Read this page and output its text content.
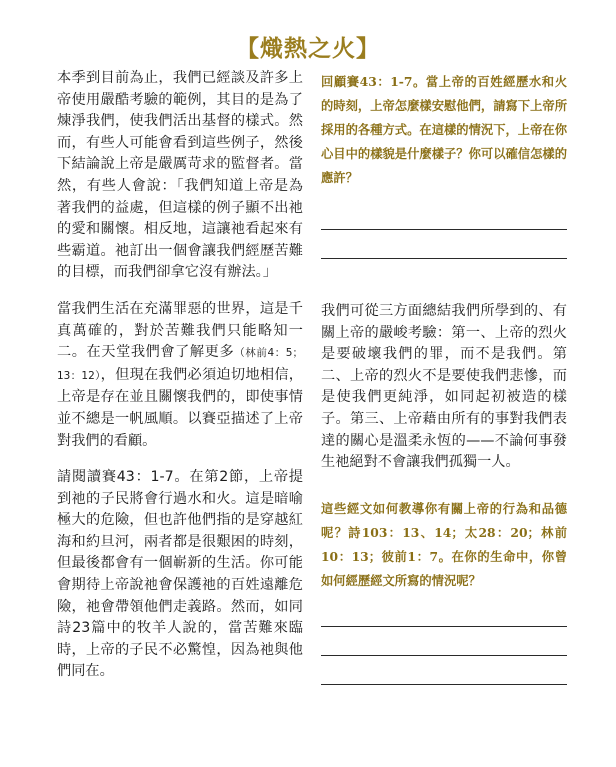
【熾熱之火】

本季到目前為止，我們已經談及許多上帝使用嚴酷考驗的範例，其目的是為了煉淨我們，使我們活出基督的樣式。然而，有些人可能會看到這些例子，然後下結論說上帝是嚴厲苛求的監督者。當然，有些人會說：「我們知道上帝是為著我們的益處，但這樣的例子顯不出祂的愛和關懷。相反地，這讓祂看起來有些霸道。祂訂出一個會讓我們經歷苦難的目標，而我們卻拿它沒有辦法。」

當我們生活在充滿罪惡的世界，這是千真萬確的，對於苦難我們只能略知一二。在天堂我們會了解更多（林前4：5；13：12），但現在我們必須迫切地相信，上帝是存在並且關懷我們的，即使事情並不總是一帆風順。以賽亞描述了上帝對我們的看顧。

請閱讀賽43：1-7。在第2節，上帝提到祂的子民將會行過水和火。這是暗喻極大的危險，但也許他們指的是穿越紅海和約旦河，兩者都是很艱困的時刻，但最後都會有一個嶄新的生活。你可能會期待上帝說祂會保護祂的百姓遠離危險，祂會帶領他們走義路。然而，如同詩23篇中的牧羊人說的，當苦難來臨時，上帝的子民不必驚惶，因為祂與他們同在。

回顧賽43：1-7。當上帝的百姓經歷水和火的時刻，上帝怎麼樣安慰他們，請寫下上帝所採用的各種方式。在這樣的情況下，上帝在你心目中的樣貌是什麼樣子？你可以確信怎樣的應許？
我們可從三方面總結我們所學到的、有關上帝的嚴峻考驗：第一、上帝的烈火是要破壞我們的罪，而不是我們。第二、上帝的烈火不是要使我們悲慘，而是使我們更純淨，如同起初被造的樣子。第三、上帝藉由所有的事對我們表達的關心是溫柔永恆的——不論何事發生祂絕對不會讓我們孤獨一人。
這些經文如何教導你有關上帝的行為和品德呢？詩103：13、14；太28：20；林前10：13；彼前1：7。在你的生命中，你曾如何經歷經文所寫的情況呢？
